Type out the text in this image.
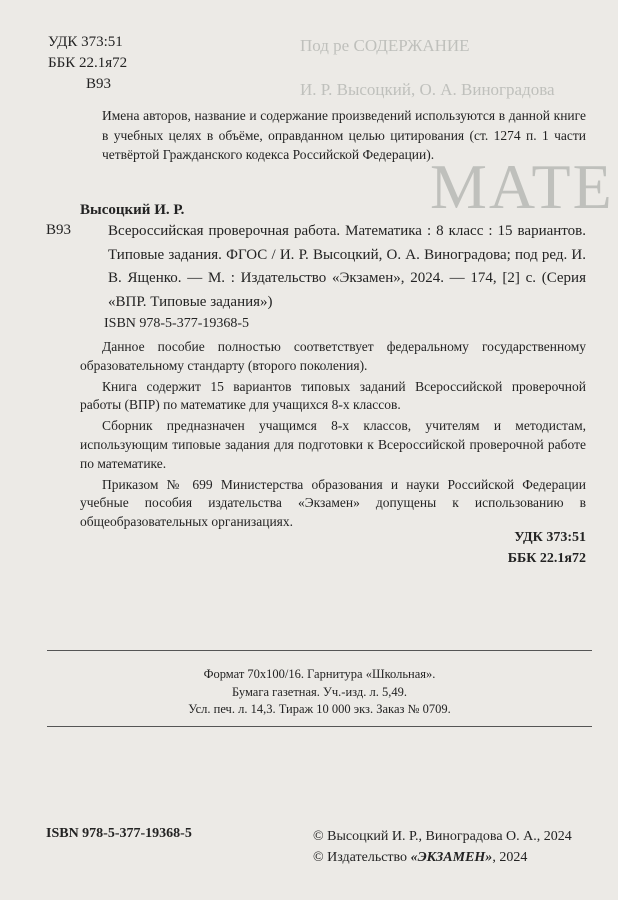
Под ре СОДЕРЖАНИЕ
И. Р. Высоцкий, О. А. Виноградова
МАТЕ
УДК 373:51
ББК 22.1я72
В93
Имена авторов, название и содержание произведений используются в данной книге в учебных целях в объёме, оправданном целью цитирования (ст. 1274 п. 1 части четвёртой Гражданского кодекса Российской Федерации).
Высоцкий И. Р.
В93 Всероссийская проверочная работа. Математика : 8 класс : 15 вариантов. Типовые задания. ФГОС / И. Р. Высоцкий, О. А. Виноградова; под ред. И. В. Ященко. — М. : Издательство «Экзамен», 2024. — 174, [2] с. (Серия «ВПР. Типовые задания»)
ISBN 978-5-377-19368-5

Данное пособие полностью соответствует федеральному государственному образовательному стандарту (второго поколения).

Книга содержит 15 вариантов типовых заданий Всероссийской проверочной работы (ВПР) по математике для учащихся 8-х классов.

Сборник предназначен учащимся 8-х классов, учителям и методистам, использующим типовые задания для подготовки к Всероссийской проверочной работе по математике.

Приказом № 699 Министерства образования и науки Российской Федерации учебные пособия издательства «Экзамен» допущены к использованию в общеобразовательных организациях.

УДК 373:51
ББК 22.1я72
Формат 70x100/16. Гарнитура «Школьная».
Бумага газетная. Уч.-изд. л. 5,49.
Усл. печ. л. 14,3. Тираж 10 000 экз. Заказ № 0709.
ISBN 978-5-377-19368-5	© Высоцкий И. Р., Виноградова О. А., 2024
© Издательство «ЭКЗАМЕН», 2024
